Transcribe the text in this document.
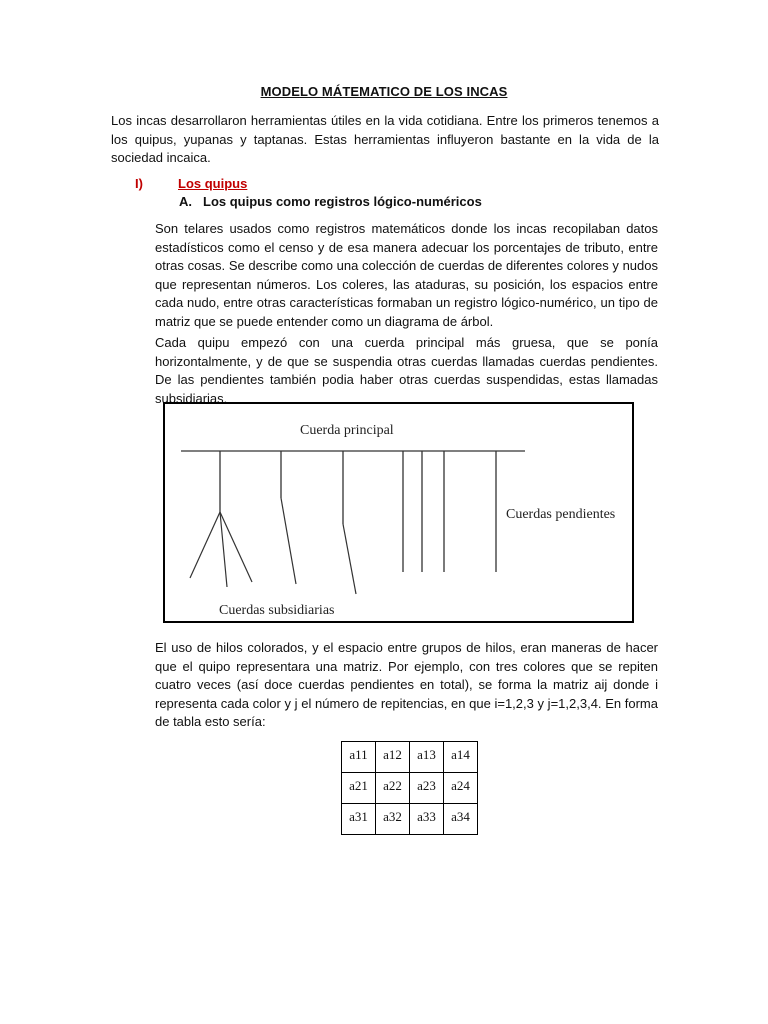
MODELO MÁTEMATICO DE LOS INCAS
Los incas desarrollaron herramientas útiles en la vida cotidiana. Entre los primeros tenemos a los quipus, yupanas y taptanas. Estas herramientas influyeron bastante en la vida de la sociedad incaica.
I)	Los quipus
A. Los quipus como registros lógico-numéricos
Son telares usados como registros matemáticos donde los incas recopilaban datos estadísticos como el censo y de esa manera adecuar los porcentajes de tributo, entre otras cosas. Se describe como una colección de cuerdas de diferentes colores y nudos que representan números. Los coleres, las ataduras, su posición, los espacios entre cada nudo, entre otras características formaban un registro lógico-numérico, un tipo de matriz que se puede entender como un diagrama de árbol.
Cada quipu empezó con una cuerda principal más gruesa, que se ponía horizontalmente, y de que se suspendia otras cuerdas llamadas cuerdas pendientes. De las pendientes también podia haber otras cuerdas suspendidas, estas llamadas subsidiarias.
Cuerda principal
Cuerdas pendientes
Cuerdas subsidiarias
El uso de hilos colorados, y el espacio entre grupos de hilos, eran maneras de hacer que el quipo representara una matriz. Por ejemplo, con tres colores que se repiten cuatro veces (así doce cuerdas pendientes en total), se forma la matriz aij donde i representa cada color y j el número de repitencias, en que i=1,2,3 y j=1,2,3,4. En forma de tabla esto sería:
a11	a12	a13	a14
a21	a22	a23	a24
a31	a32	a33	a34
